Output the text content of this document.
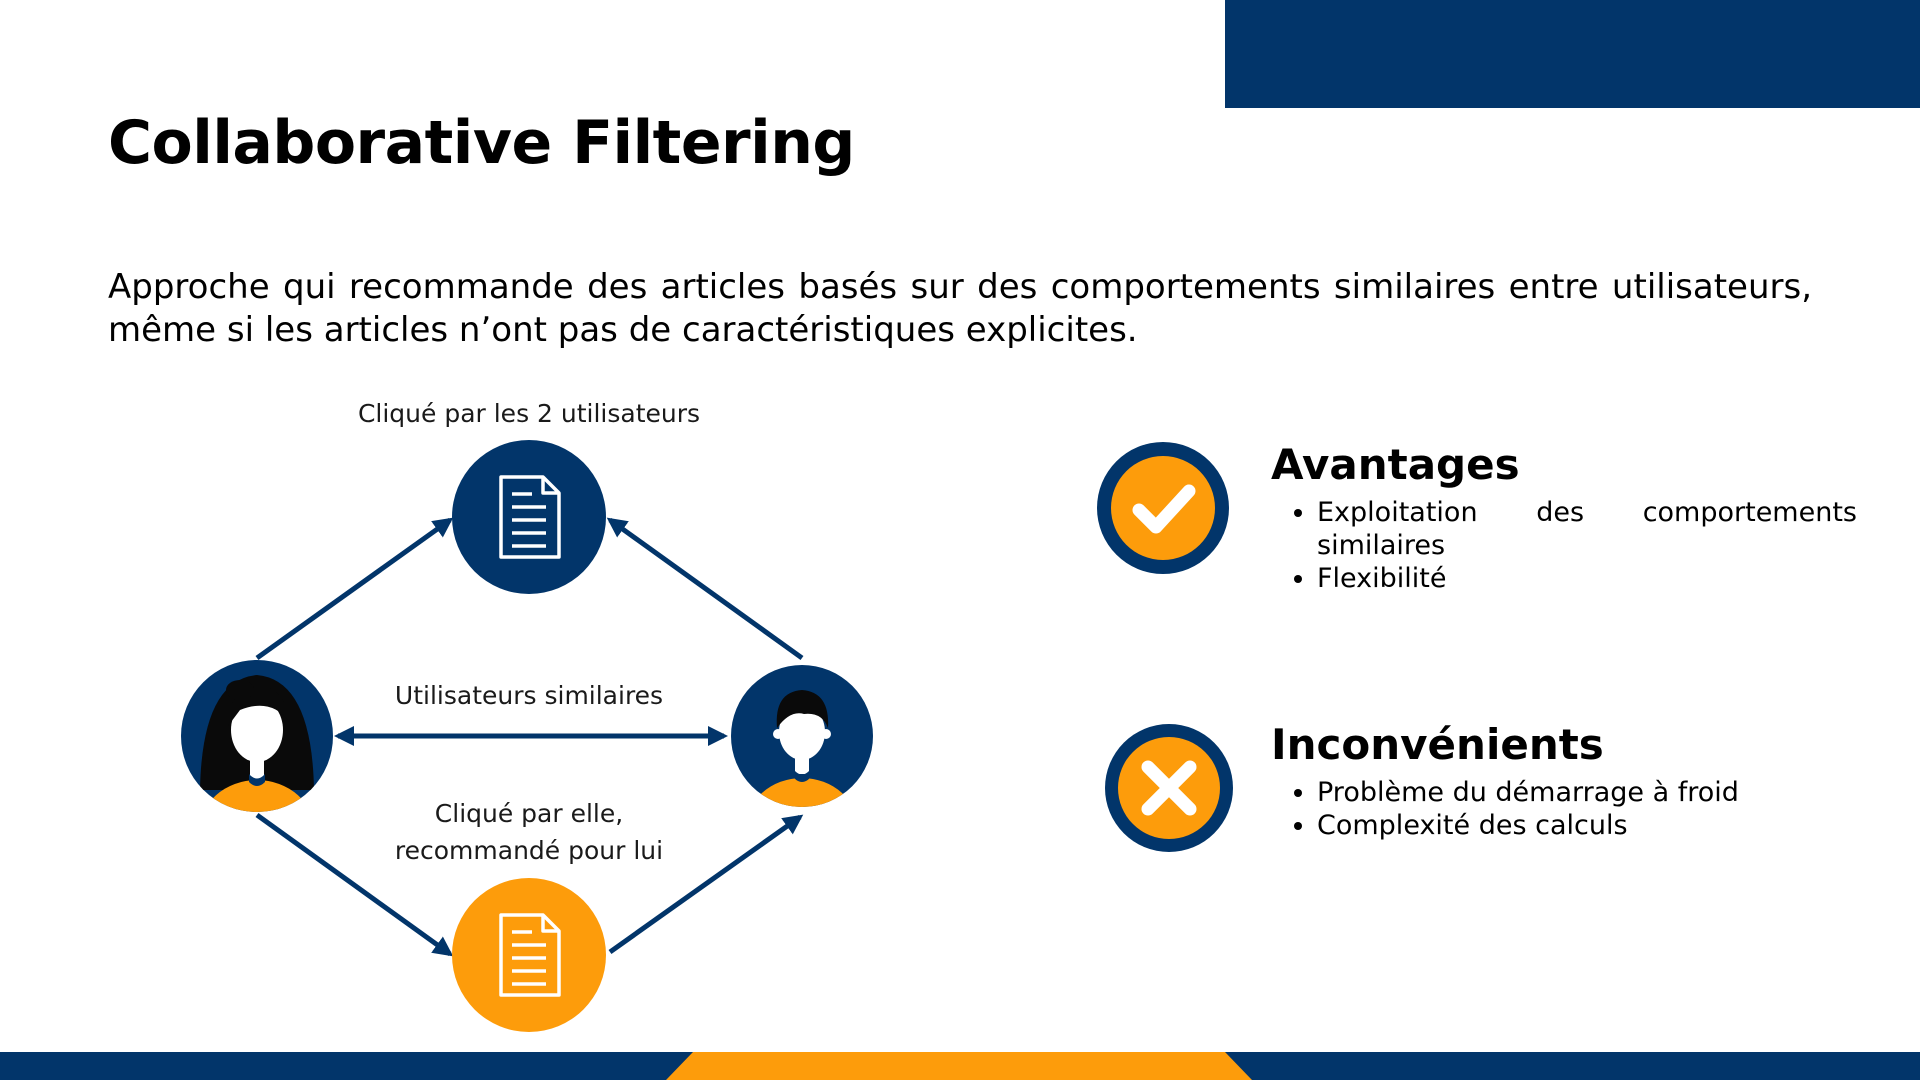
Collaborative Filtering

Approche qui recommande des articles basés sur des comportements similaires entre utilisateurs, même si les articles n’ont pas de caractéristiques explicites.

Cliqué par les 2 utilisateurs
Utilisateurs similaires
Cliqué par elle,
recommandé pour lui
Avantages
• Exploitation des comportements similaires
• Flexibilité
Inconvénients
• Problème du démarrage à froid
• Complexité des calculs
